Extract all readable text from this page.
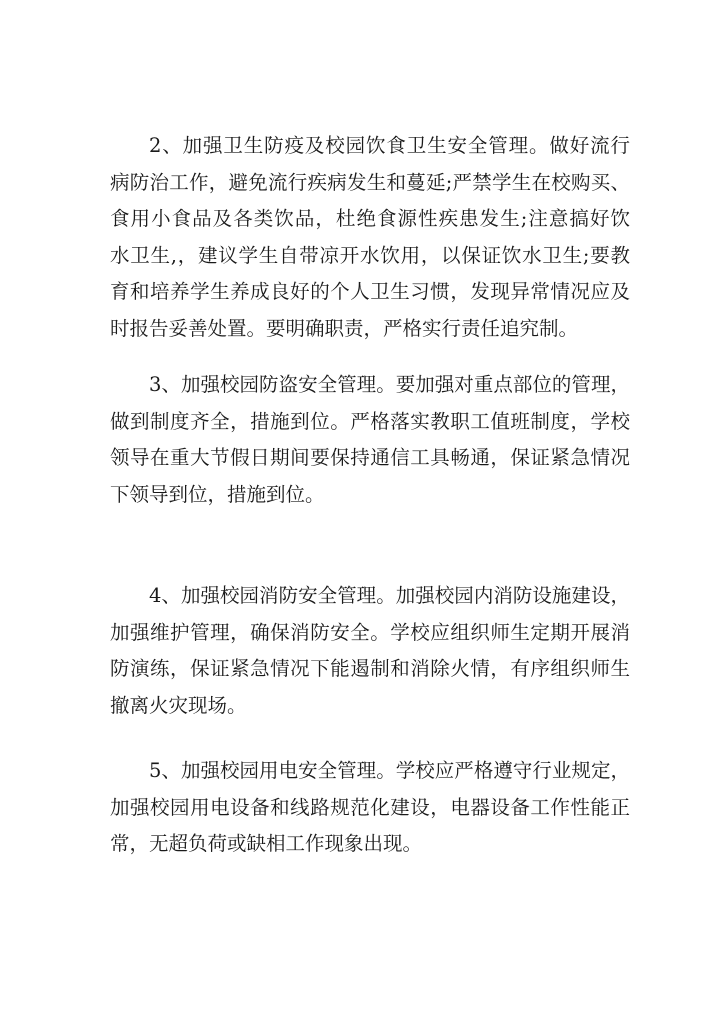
2、加强卫生防疫及校园饮食卫生安全管理。做好流行
病防治工作，避免流行疾病发生和蔓延;严禁学生在校购买、
食用小食品及各类饮品，杜绝食源性疾患发生;注意搞好饮
水卫生,，建议学生自带凉开水饮用，以保证饮水卫生;要教
育和培养学生养成良好的个人卫生习惯，发现异常情况应及
时报告妥善处置。要明确职责，严格实行责任追究制。
3、加强校园防盗安全管理。要加强对重点部位的管理，
做到制度齐全，措施到位。严格落实教职工值班制度，学校
领导在重大节假日期间要保持通信工具畅通，保证紧急情况
下领导到位，措施到位。
4、加强校园消防安全管理。加强校园内消防设施建设，
加强维护管理，确保消防安全。学校应组织师生定期开展消
防演练，保证紧急情况下能遏制和消除火情，有序组织师生
撤离火灾现场。
5、加强校园用电安全管理。学校应严格遵守行业规定，
加强校园用电设备和线路规范化建设，电器设备工作性能正
常，无超负荷或缺相工作现象出现。
